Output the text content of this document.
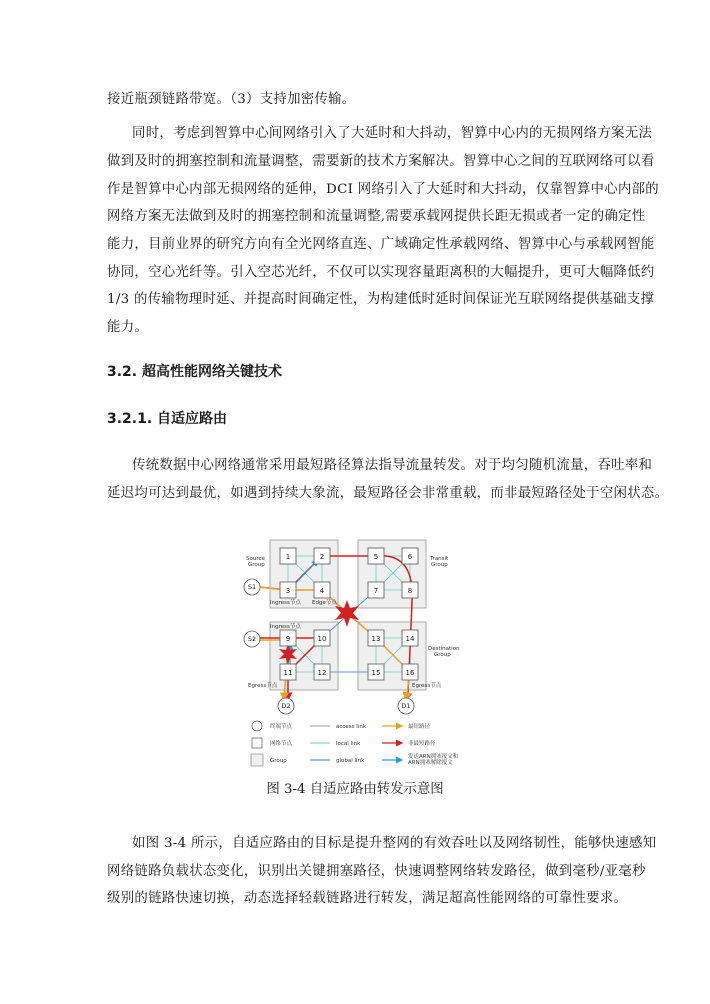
接近瓶颈链路带宽。（3）支持加密传输。
同时，考虑到智算中心间网络引入了大延时和大抖动，智算中心内的无损网络方案无法
做到及时的拥塞控制和流量调整，需要新的技术方案解决。智算中心之间的互联网络可以看
作是智算中心内部无损网络的延伸，DCI 网络引入了大延时和大抖动，仅靠智算中心内部的
网络方案无法做到及时的拥塞控制和流量调整,需要承载网提供长距无损或者一定的确定性
能力，目前业界的研究方向有全光网络直连、广域确定性承载网络、智算中心与承载网智能
协同，空心光纤等。引入空芯光纤，不仅可以实现容量距离积的大幅提升，更可大幅降低约
1/3 的传输物理时延、并提高时间确定性，为构建低时延时间保证光互联网络提供基础支撑
能力。
3.2. 超高性能网络关键技术
3.2.1. 自适应路由
传统数据中心网络通常采用最短路径算法指导流量转发。对于均匀随机流量，吞吐率和
延迟均可达到最优，如遇到持续大象流，最短路径会非常重载，而非最短路径处于空闲状态。
1	2
3	4
5	6
7	8
9	10
11	12
13	14
15	16
S1
S2
D1
D2
Source Group
Transit Group
Destination Group
Ingress节点 Edge节点
Ingress节点
Egress节点	Egress节点
终端节点
网络节点
Group
access link
local link
global link
最短路径
非最短路径
发送ARN拥塞报文和 ARN拥塞解除报文
图 3-4 自适应路由转发示意图
如图 3-4 所示，自适应路由的目标是提升整网的有效吞吐以及网络韧性，能够快速感知
网络链路负载状态变化，识别出关键拥塞路径，快速调整网络转发路径，做到毫秒/亚毫秒
级别的链路快速切换，动态选择轻载链路进行转发，满足超高性能网络的可靠性要求。
